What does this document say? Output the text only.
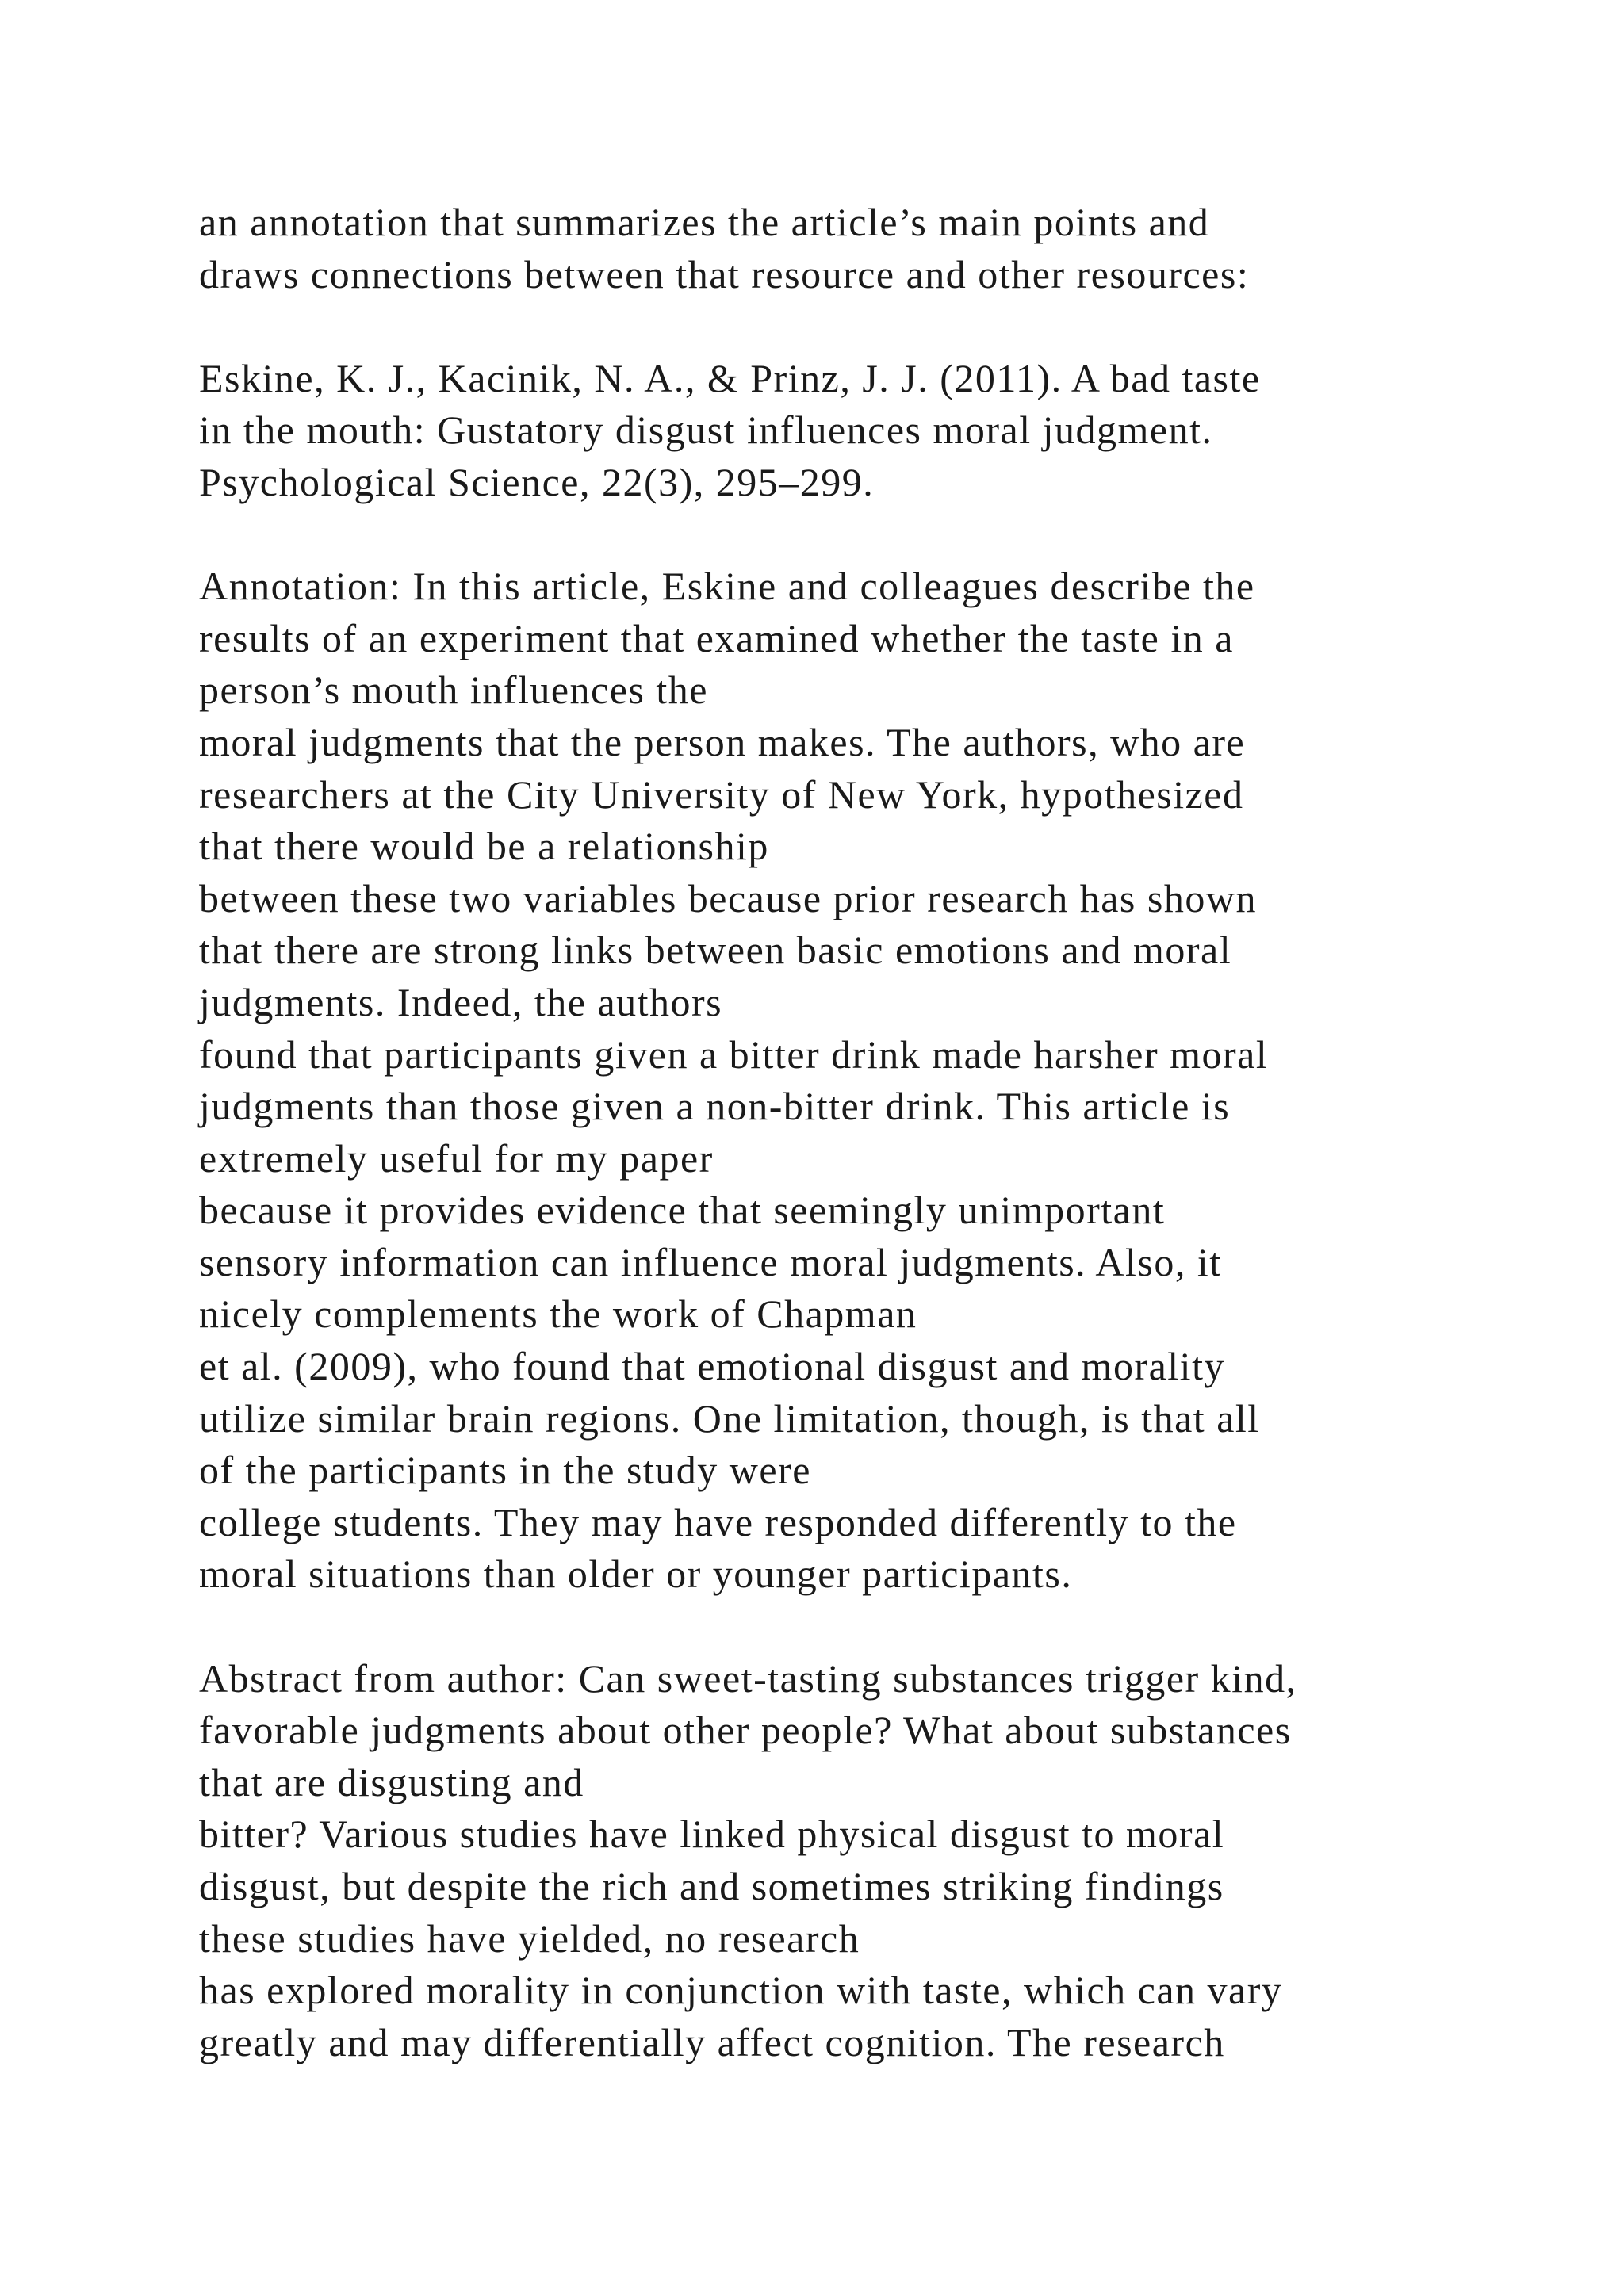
an annotation that summarizes the article’s main points and
draws connections between that resource and other resources:
Eskine, K. J., Kacinik, N. A., & Prinz, J. J. (2011). A bad taste
in the mouth: Gustatory disgust influences moral judgment.
Psychological Science, 22(3), 295–299.
Annotation: In this article, Eskine and colleagues describe the
results of an experiment that examined whether the taste in a
person’s mouth influences the
moral judgments that the person makes. The authors, who are
researchers at the City University of New York, hypothesized
that there would be a relationship
between these two variables because prior research has shown
that there are strong links between basic emotions and moral
judgments. Indeed, the authors
found that participants given a bitter drink made harsher moral
judgments than those given a non-bitter drink. This article is
extremely useful for my paper
because it provides evidence that seemingly unimportant
sensory information can influence moral judgments. Also, it
nicely complements the work of Chapman
et al. (2009), who found that emotional disgust and morality
utilize similar brain regions. One limitation, though, is that all
of the participants in the study were
college students. They may have responded differently to the
moral situations than older or younger participants.
Abstract from author: Can sweet-tasting substances trigger kind,
favorable judgments about other people? What about substances
that are disgusting and
bitter? Various studies have linked physical disgust to moral
disgust, but despite the rich and sometimes striking findings
these studies have yielded, no research
has explored morality in conjunction with taste, which can vary
greatly and may differentially affect cognition. The research
